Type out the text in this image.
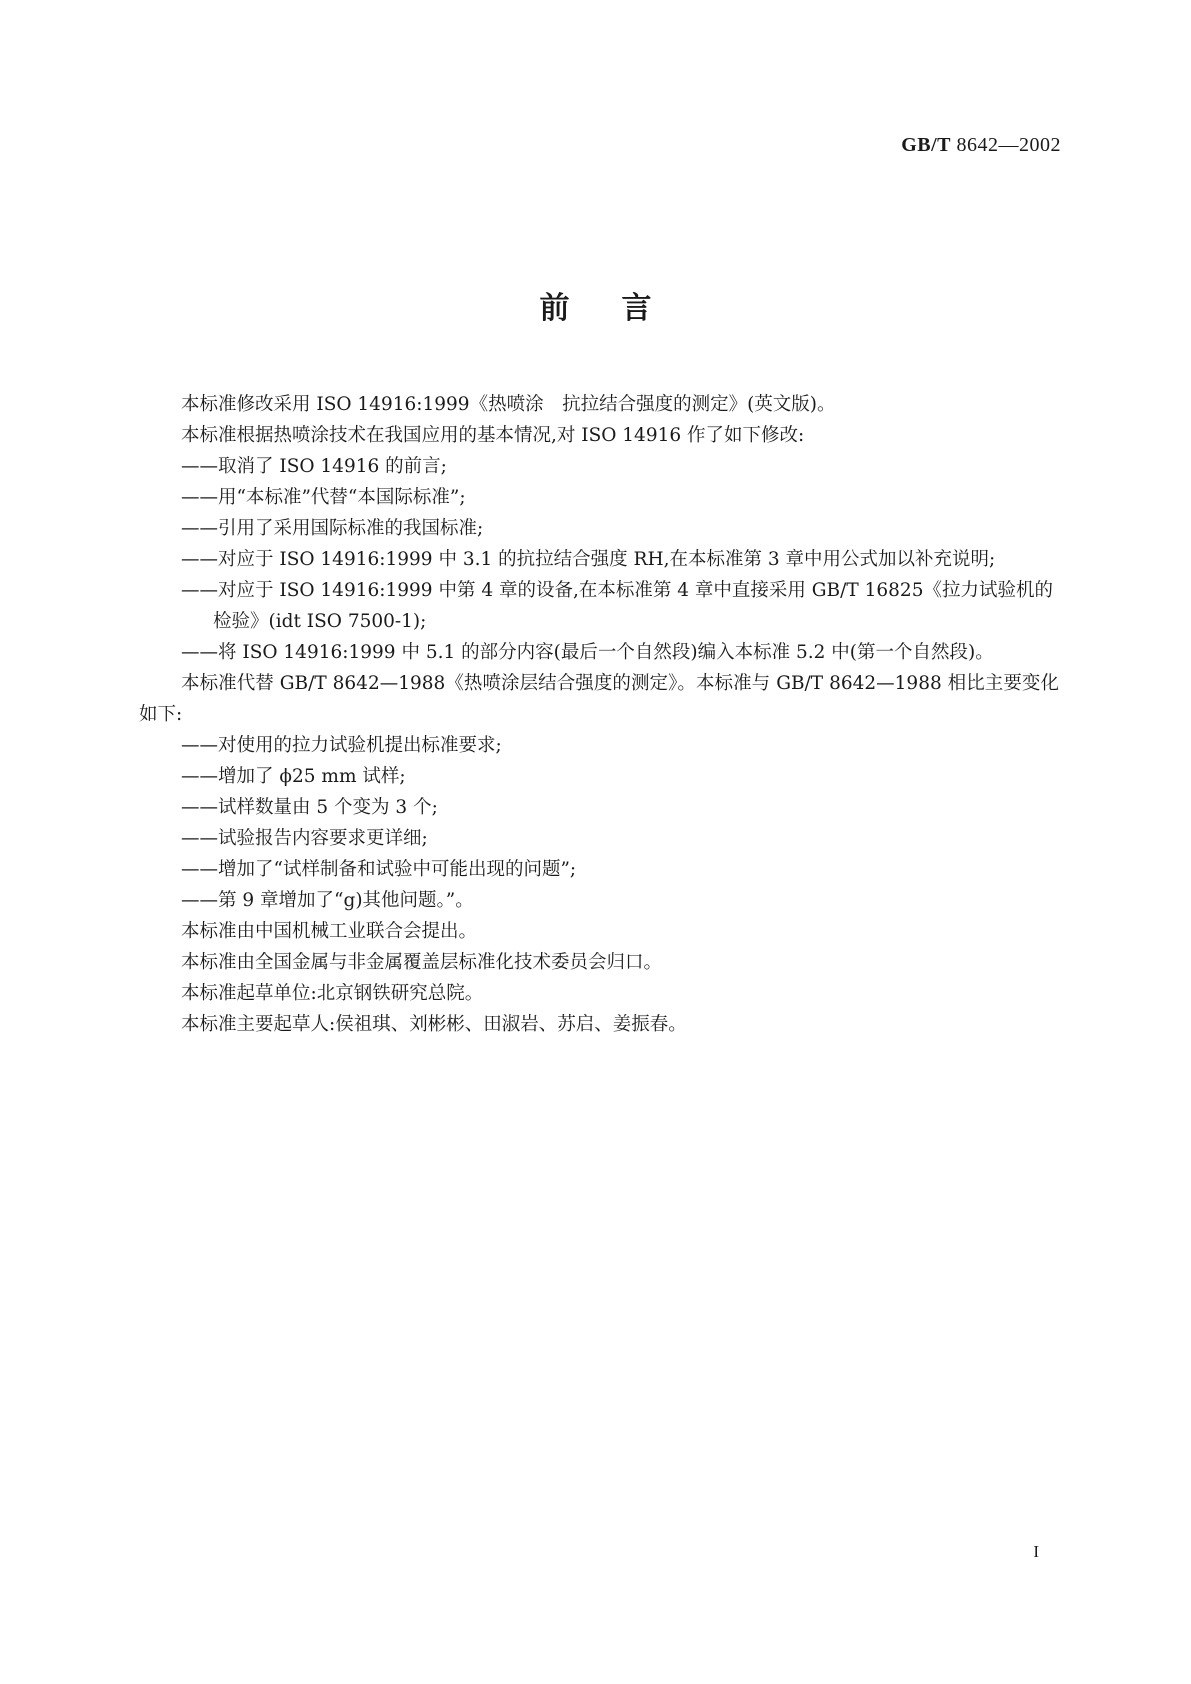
GB/T 8642—2002
前言

本标准修改采用 ISO 14916:1999《热喷涂　抗拉结合强度的测定》(英文版)。

本标准根据热喷涂技术在我国应用的基本情况,对 ISO 14916 作了如下修改:

——取消了 ISO 14916 的前言;

——用“本标准”代替“本国际标准”;

——引用了采用国际标准的我国标准;

——对应于 ISO 14916:1999 中 3.1 的抗拉结合强度 RH,在本标准第 3 章中用公式加以补充说明;

——对应于 ISO 14916:1999 中第 4 章的设备,在本标准第 4 章中直接采用 GB/T 16825《拉力试验机的检验》(idt ISO 7500-1);

——将 ISO 14916:1999 中 5.1 的部分内容(最后一个自然段)编入本标准 5.2 中(第一个自然段)。

本标准代替 GB/T 8642—1988《热喷涂层结合强度的测定》。本标准与 GB/T 8642—1988 相比主要变化如下:

——对使用的拉力试验机提出标准要求;

——增加了 ϕ25 mm 试样;

——试样数量由 5 个变为 3 个;

——试验报告内容要求更详细;

——增加了“试样制备和试验中可能出现的问题”;

——第 9 章增加了“g)其他问题。”。

本标准由中国机械工业联合会提出。

本标准由全国金属与非金属覆盖层标准化技术委员会归口。

本标准起草单位:北京钢铁研究总院。

本标准主要起草人:侯祖琪、刘彬彬、田淑岩、苏启、姜振春。

I
